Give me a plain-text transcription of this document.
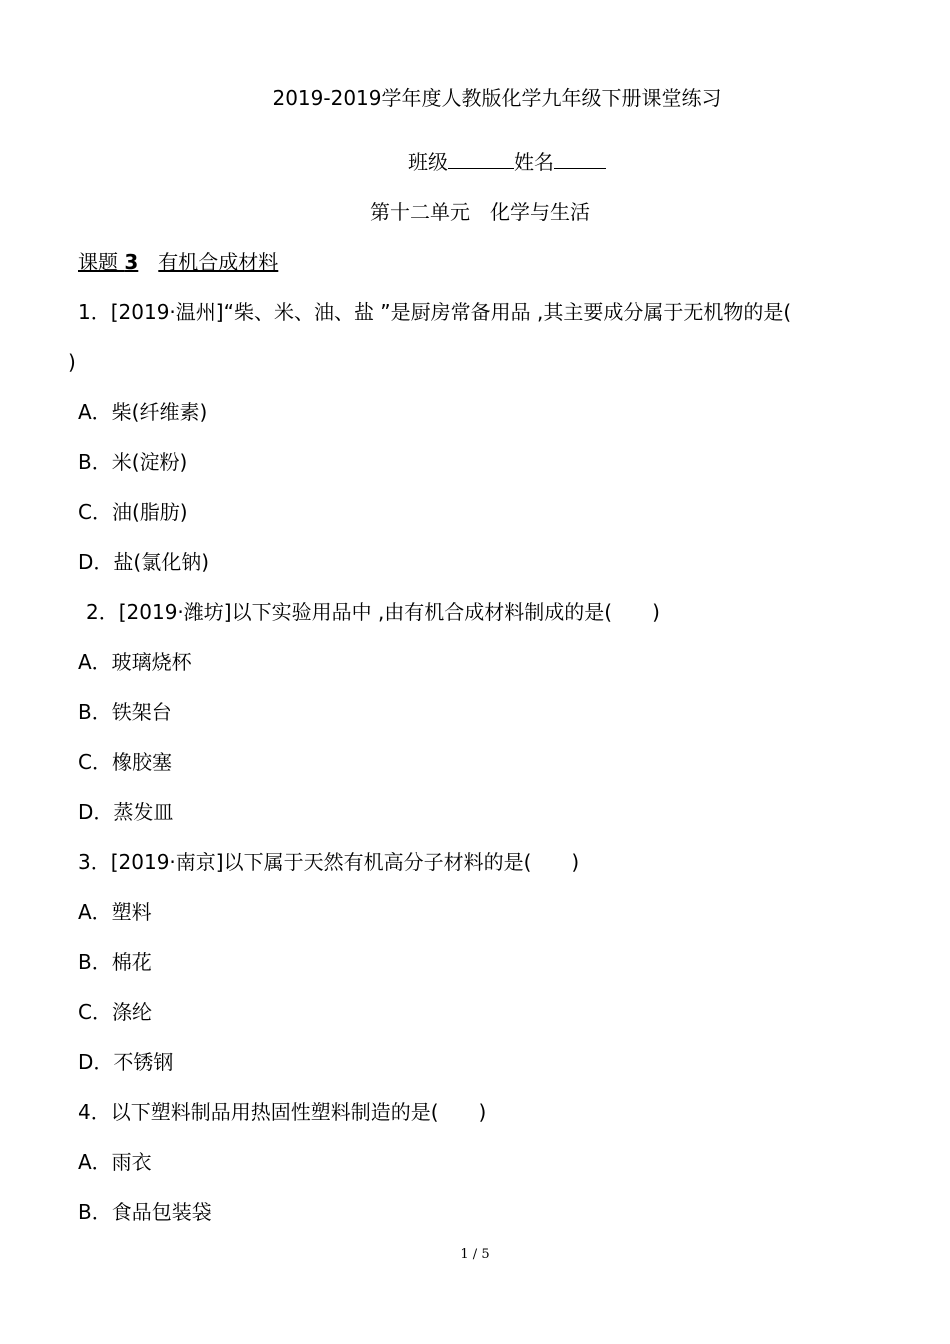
2019-2019学年度人教版化学九年级下册课堂练习
班级	姓名
第十二单元　化学与生活
课题 3 有机合成材料
1．[2019·温州]“柴、米、油、盐 ”是厨房常备用品 ,其主要成分属于无机物的是(
)
A．柴(纤维素)
B．米(淀粉)
C．油(脂肪)
D．盐(氯化钠)
2．[2019·潍坊]以下实验用品中 ,由有机合成材料制成的是(　　)
A．玻璃烧杯
B．铁架台
C．橡胶塞
D．蒸发皿
3．[2019·南京]以下属于天然有机高分子材料的是(　　)
A．塑料
B．棉花
C．涤纶
D．不锈钢
4．以下塑料制品用热固性塑料制造的是(　　)
A．雨衣
B．食品包装袋
1 / 5
